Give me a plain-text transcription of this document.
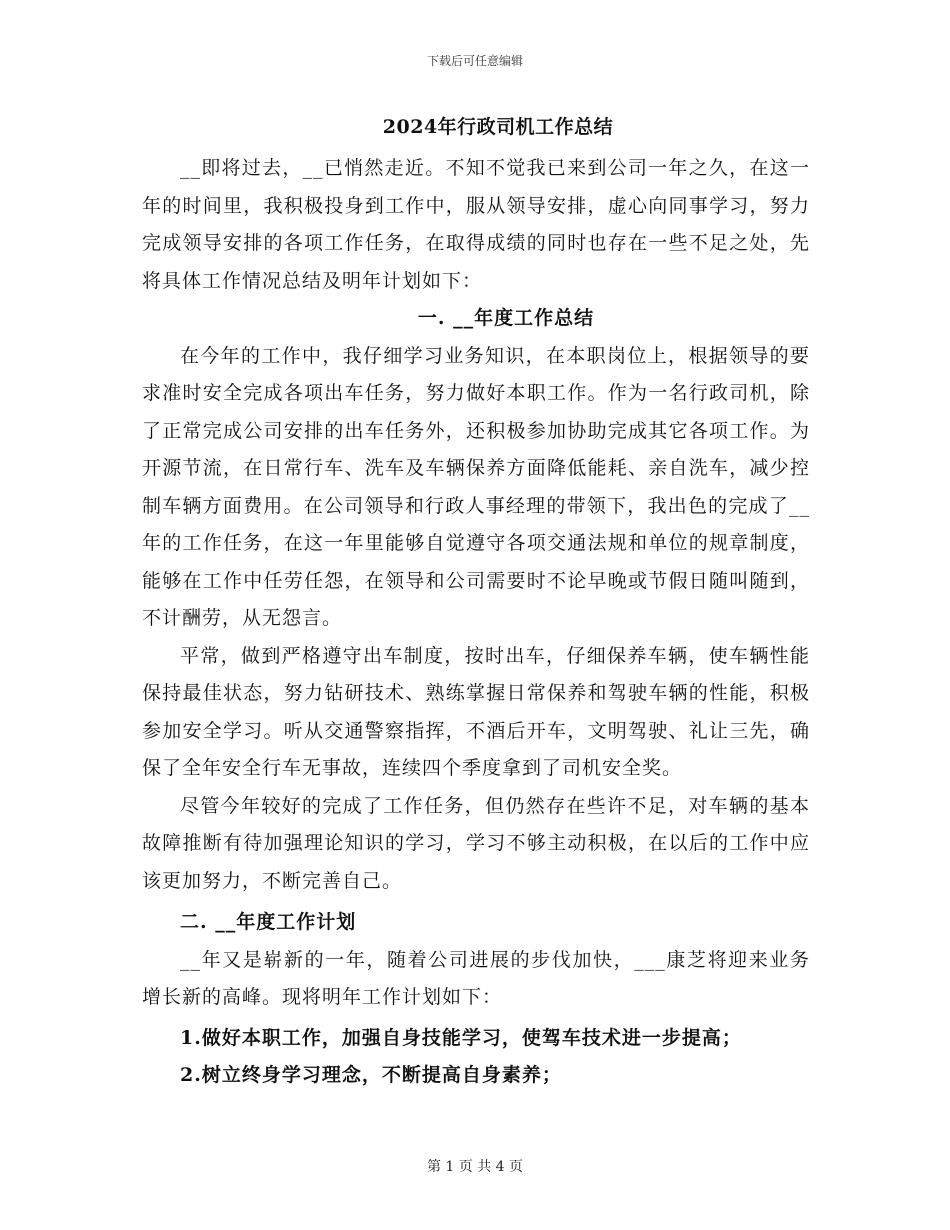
下载后可任意编辑
2024年行政司机工作总结

__即将过去，__已悄然走近。不知不觉我已来到公司一年之久，在这一年的时间里，我积极投身到工作中，服从领导安排，虚心向同事学习，努力完成领导安排的各项工作任务，在取得成绩的同时也存在一些不足之处，先将具体工作情况总结及明年计划如下：

一. __年度工作总结

在今年的工作中，我仔细学习业务知识，在本职岗位上，根据领导的要求准时安全完成各项出车任务，努力做好本职工作。作为一名行政司机，除了正常完成公司安排的出车任务外，还积极参加协助完成其它各项工作。为开源节流，在日常行车、洗车及车辆保养方面降低能耗、亲自洗车，减少控制车辆方面费用。在公司领导和行政人事经理的带领下，我出色的完成了__年的工作任务，在这一年里能够自觉遵守各项交通法规和单位的规章制度，能够在工作中任劳任怨，在领导和公司需要时不论早晚或节假日随叫随到，不计酬劳，从无怨言。

平常，做到严格遵守出车制度，按时出车，仔细保养车辆，使车辆性能保持最佳状态，努力钻研技术、熟练掌握日常保养和驾驶车辆的性能，积极参加安全学习。听从交通警察指挥，不酒后开车，文明驾驶、礼让三先，确保了全年安全行车无事故，连续四个季度拿到了司机安全奖。

尽管今年较好的完成了工作任务，但仍然存在些许不足，对车辆的基本故障推断有待加强理论知识的学习，学习不够主动积极，在以后的工作中应该更加努力，不断完善自己。

二. __年度工作计划

__年又是崭新的一年，随着公司进展的步伐加快，___康芝将迎来业务增长新的高峰。现将明年工作计划如下：

1.做好本职工作，加强自身技能学习，使驾车技术进一步提高；

2.树立终身学习理念，不断提高自身素养；

第 1 页 共 4 页
